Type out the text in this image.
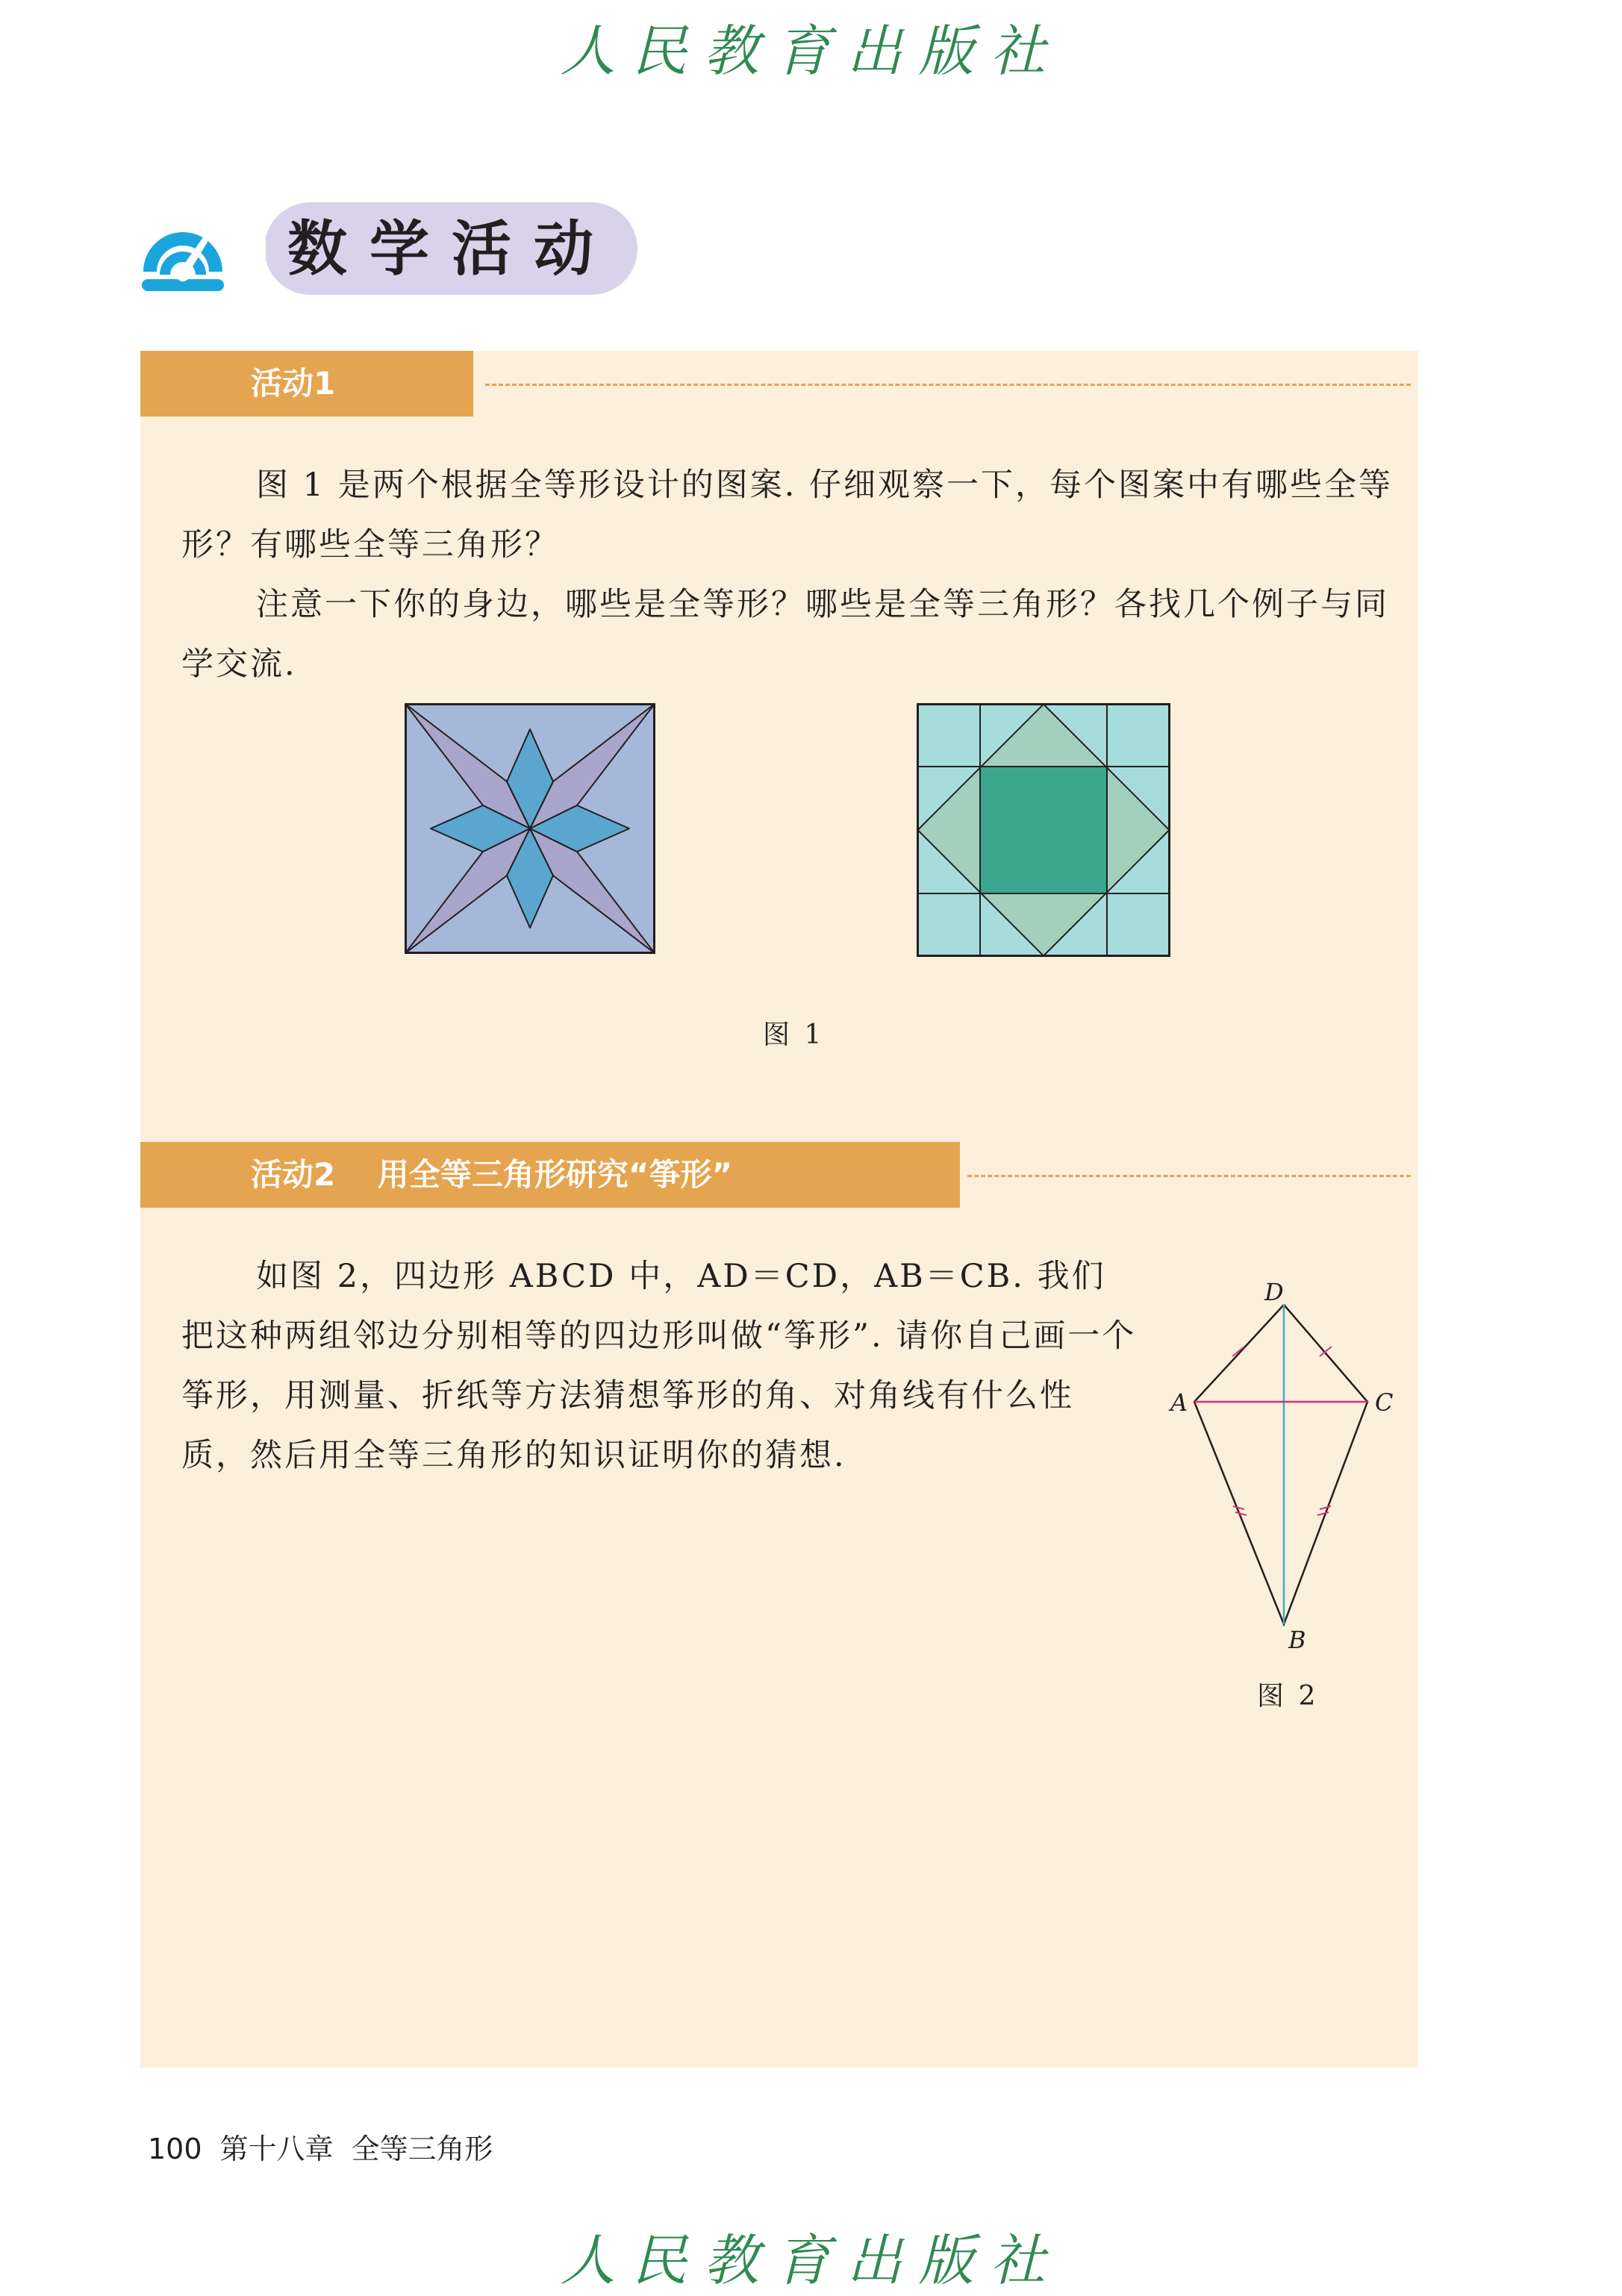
人民教育出版社
数学活动
活动1

图 1 是两个根据全等形设计的图案. 仔细观察一下，每个图案中有哪些全等形？有哪些全等三角形？

注意一下你的身边，哪些是全等形？哪些是全等三角形？各找几个例子与同学交流.

图 1
活动2　 用全等三角形研究“筝形”

如图 2，四边形 ABCD 中，AD＝CD，AB＝CB. 我们把这种两组邻边分别相等的四边形叫做“筝形”. 请你自己画一个筝形，用测量、折纸等方法猜想筝形的角、对角线有什么性质，然后用全等三角形的知识证明你的猜想.

D
A	C
B
图 2
100 第十八章 全等三角形
人民教育出版社
